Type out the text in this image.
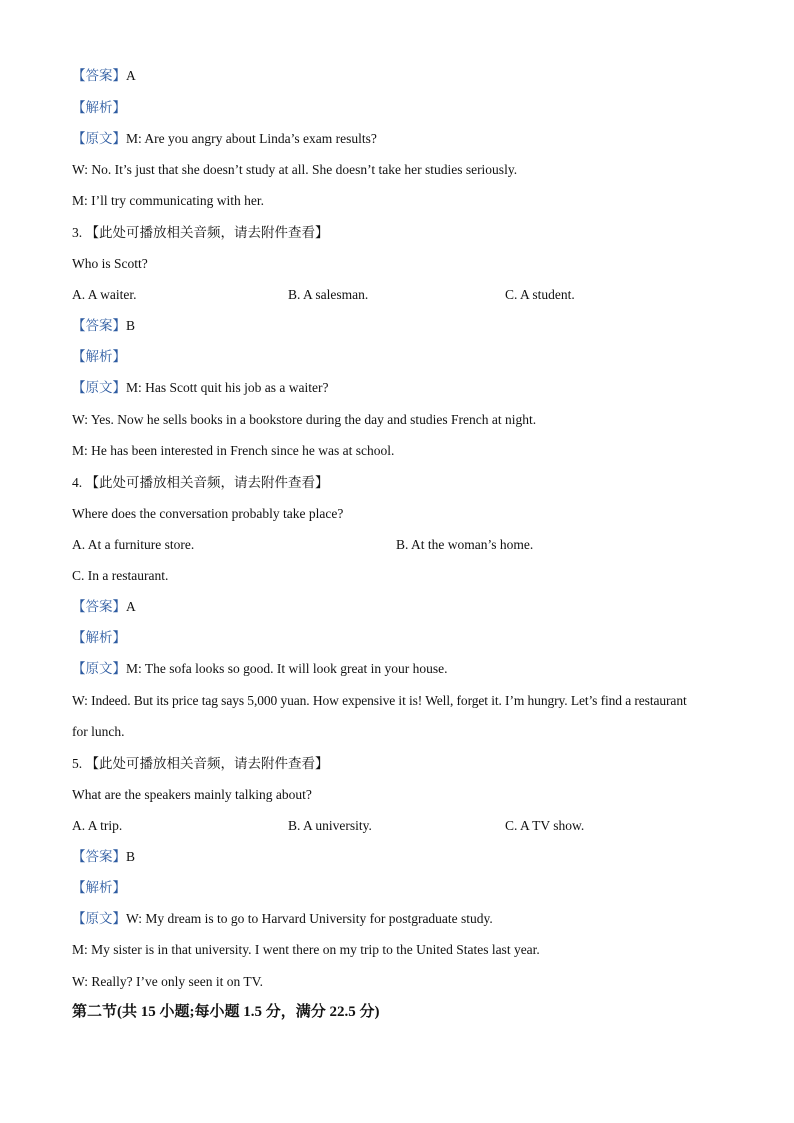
【答案】A
【解析】
【原文】M: Are you angry about Linda’s exam results?
W: No. It’s just that she doesn’t study at all. She doesn’t take her studies seriously.
M: I’ll try communicating with her.
3. 【此处可播放相关音频，请去附件查看】
Who is Scott?
A. A waiter.	B. A salesman.	C. A student.
【答案】B
【解析】
【原文】M: Has Scott quit his job as a waiter?
W: Yes. Now he sells books in a bookstore during the day and studies French at night.
M: He has been interested in French since he was at school.
4. 【此处可播放相关音频，请去附件查看】
Where does the conversation probably take place?
A. At a furniture store.	B. At the woman’s home.
C. In a restaurant.
【答案】A
【解析】
【原文】M: The sofa looks so good. It will look great in your house.
W: Indeed. But its price tag says 5,000 yuan. How expensive it is! Well, forget it. I’m hungry. Let’s find a restaurant
for lunch.
5. 【此处可播放相关音频，请去附件查看】
What are the speakers mainly talking about?
A. A trip.	B. A university.	C. A TV show.
【答案】B
【解析】
【原文】W: My dream is to go to Harvard University for postgraduate study.
M: My sister is in that university. I went there on my trip to the United States last year.
W: Really? I’ve only seen it on TV.
第二节(共 15 小题;每小题 1.5 分，满分 22.5 分)
